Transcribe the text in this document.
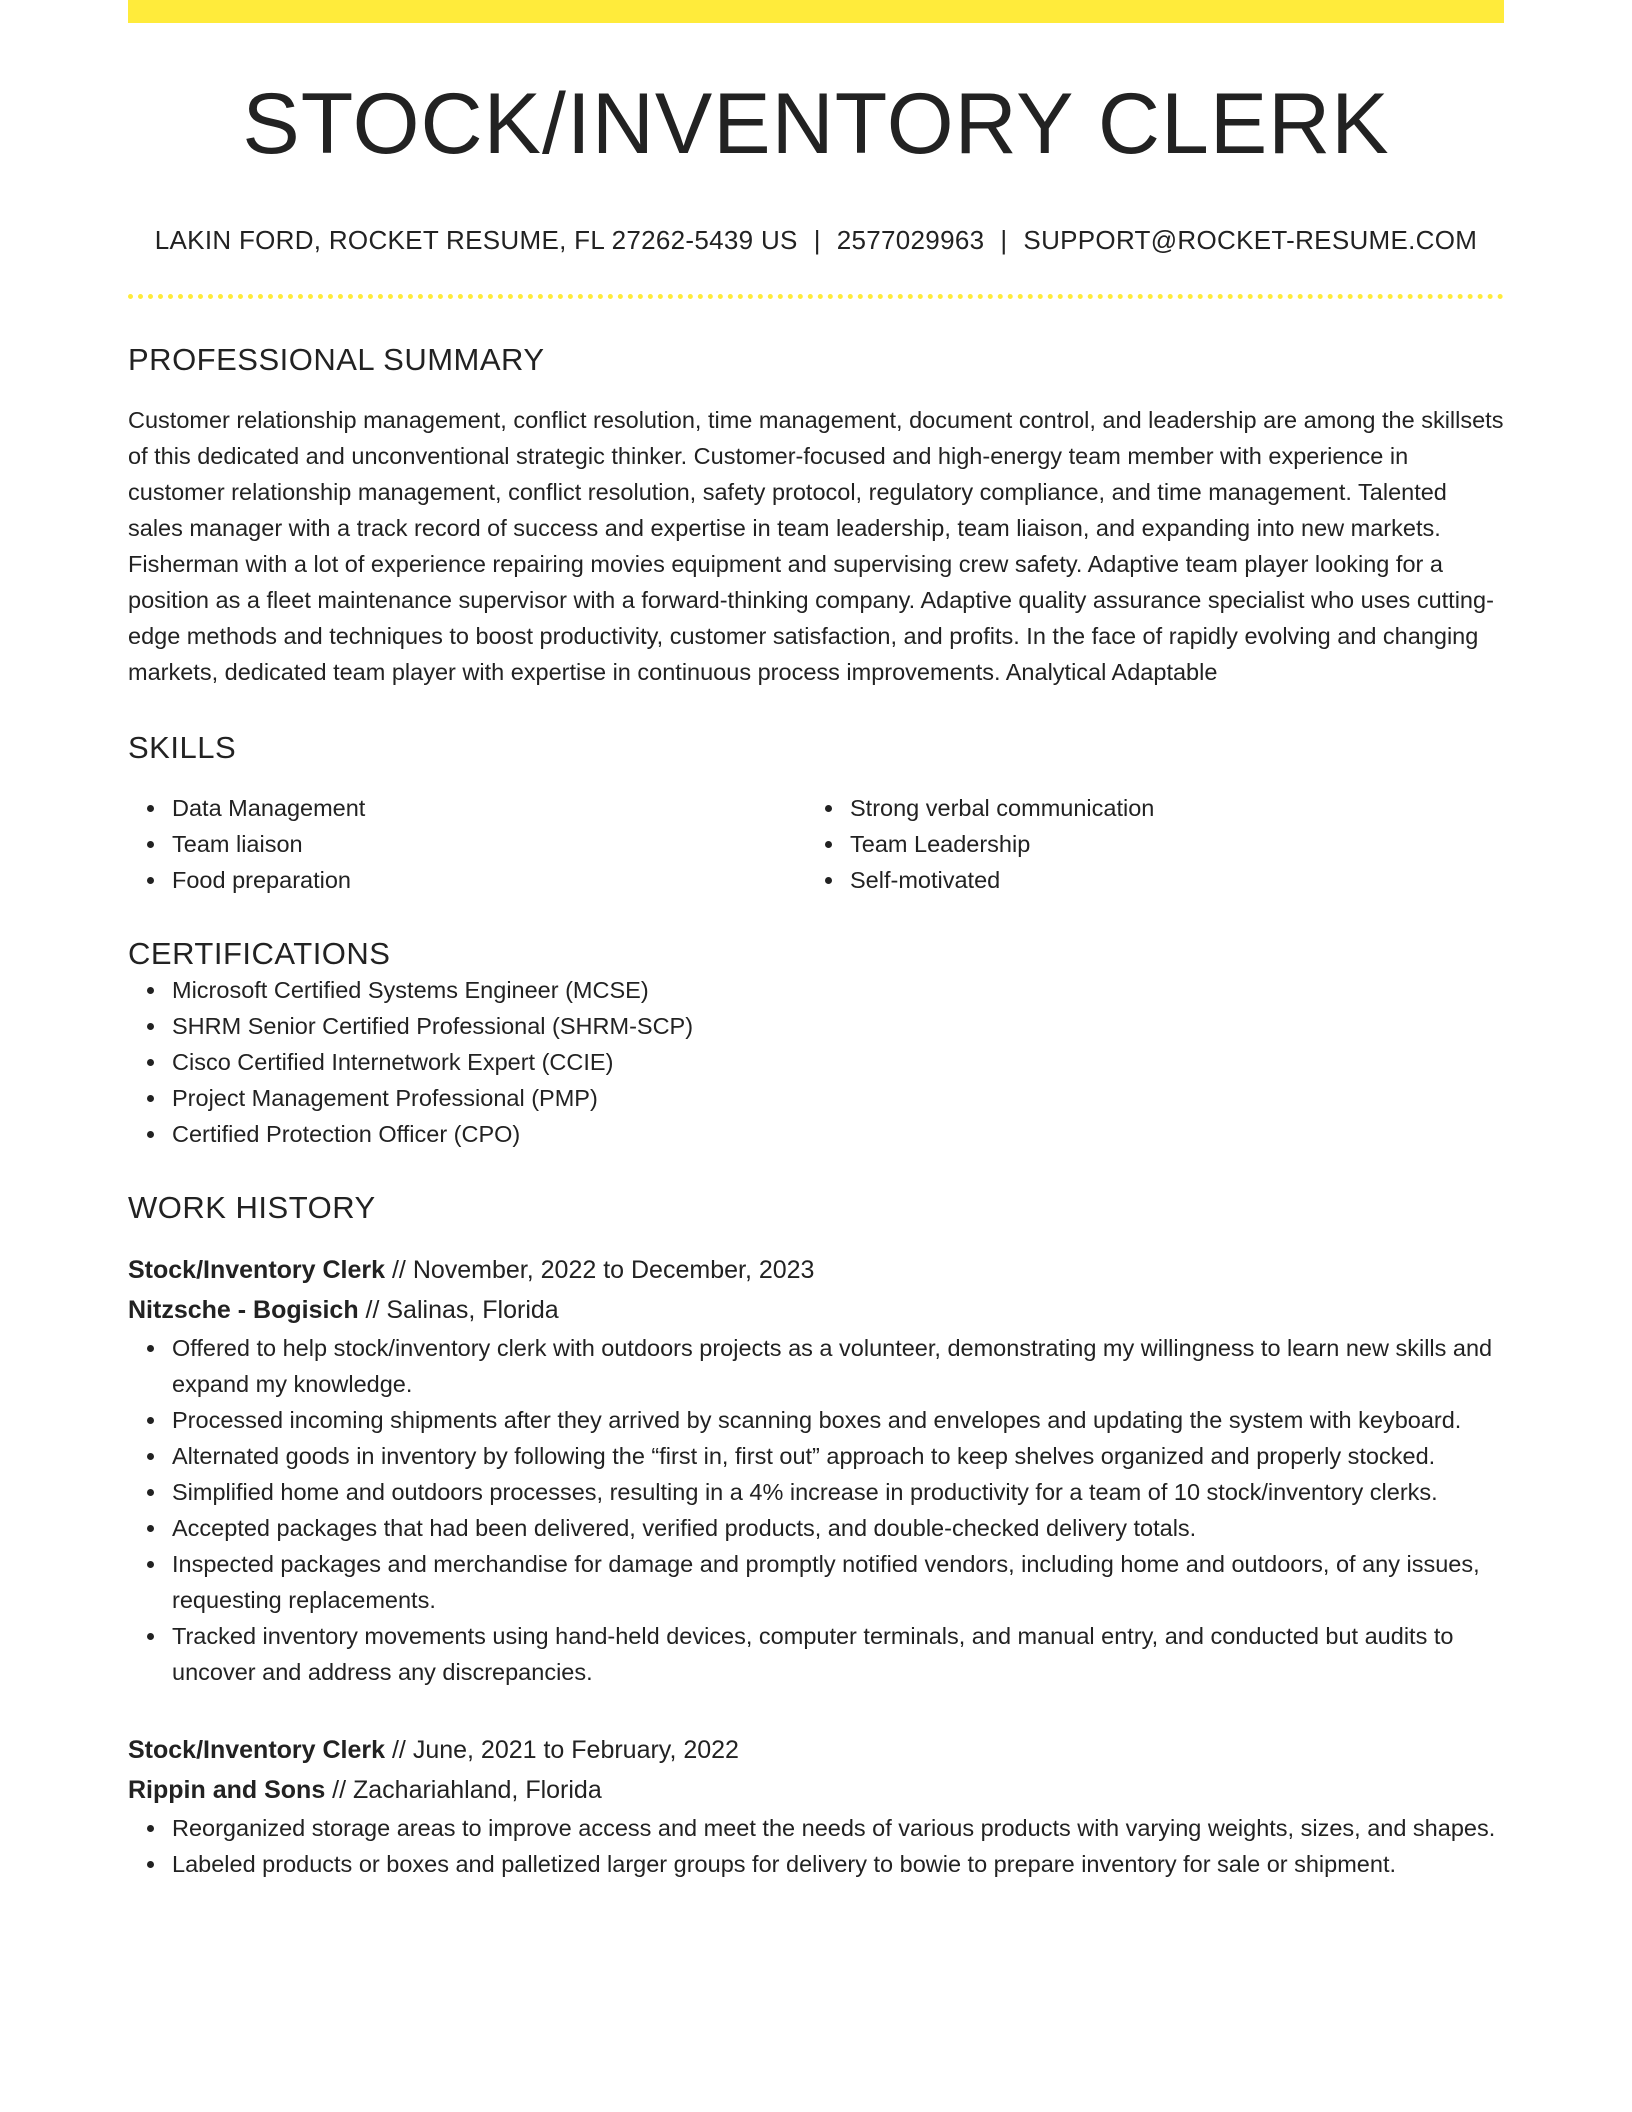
STOCK/INVENTORY CLERK
LAKIN FORD, ROCKET RESUME, FL 27262-5439 US | 2577029963 | SUPPORT@ROCKET-RESUME.COM
PROFESSIONAL SUMMARY
Customer relationship management, conflict resolution, time management, document control, and leadership are among the skillsets of this dedicated and unconventional strategic thinker. Customer-focused and high-energy team member with experience in customer relationship management, conflict resolution, safety protocol, regulatory compliance, and time management. Talented sales manager with a track record of success and expertise in team leadership, team liaison, and expanding into new markets. Fisherman with a lot of experience repairing movies equipment and supervising crew safety. Adaptive team player looking for a position as a fleet maintenance supervisor with a forward-thinking company. Adaptive quality assurance specialist who uses cutting-edge methods and techniques to boost productivity, customer satisfaction, and profits. In the face of rapidly evolving and changing markets, dedicated team player with expertise in continuous process improvements. Analytical Adaptable
SKILLS
Data Management
Team liaison
Food preparation
Strong verbal communication
Team Leadership
Self-motivated
CERTIFICATIONS
Microsoft Certified Systems Engineer (MCSE)
SHRM Senior Certified Professional (SHRM-SCP)
Cisco Certified Internetwork Expert (CCIE)
Project Management Professional (PMP)
Certified Protection Officer (CPO)
WORK HISTORY
Stock/Inventory Clerk // November, 2022 to December, 2023
Nitzsche - Bogisich // Salinas, Florida
Offered to help stock/inventory clerk with outdoors projects as a volunteer, demonstrating my willingness to learn new skills and expand my knowledge.
Processed incoming shipments after they arrived by scanning boxes and envelopes and updating the system with keyboard.
Alternated goods in inventory by following the “first in, first out” approach to keep shelves organized and properly stocked.
Simplified home and outdoors processes, resulting in a 4% increase in productivity for a team of 10 stock/inventory clerks.
Accepted packages that had been delivered, verified products, and double-checked delivery totals.
Inspected packages and merchandise for damage and promptly notified vendors, including home and outdoors, of any issues, requesting replacements.
Tracked inventory movements using hand-held devices, computer terminals, and manual entry, and conducted but audits to uncover and address any discrepancies.
Stock/Inventory Clerk // June, 2021 to February, 2022
Rippin and Sons // Zachariahland, Florida
Reorganized storage areas to improve access and meet the needs of various products with varying weights, sizes, and shapes.
Labeled products or boxes and palletized larger groups for delivery to bowie to prepare inventory for sale or shipment.
